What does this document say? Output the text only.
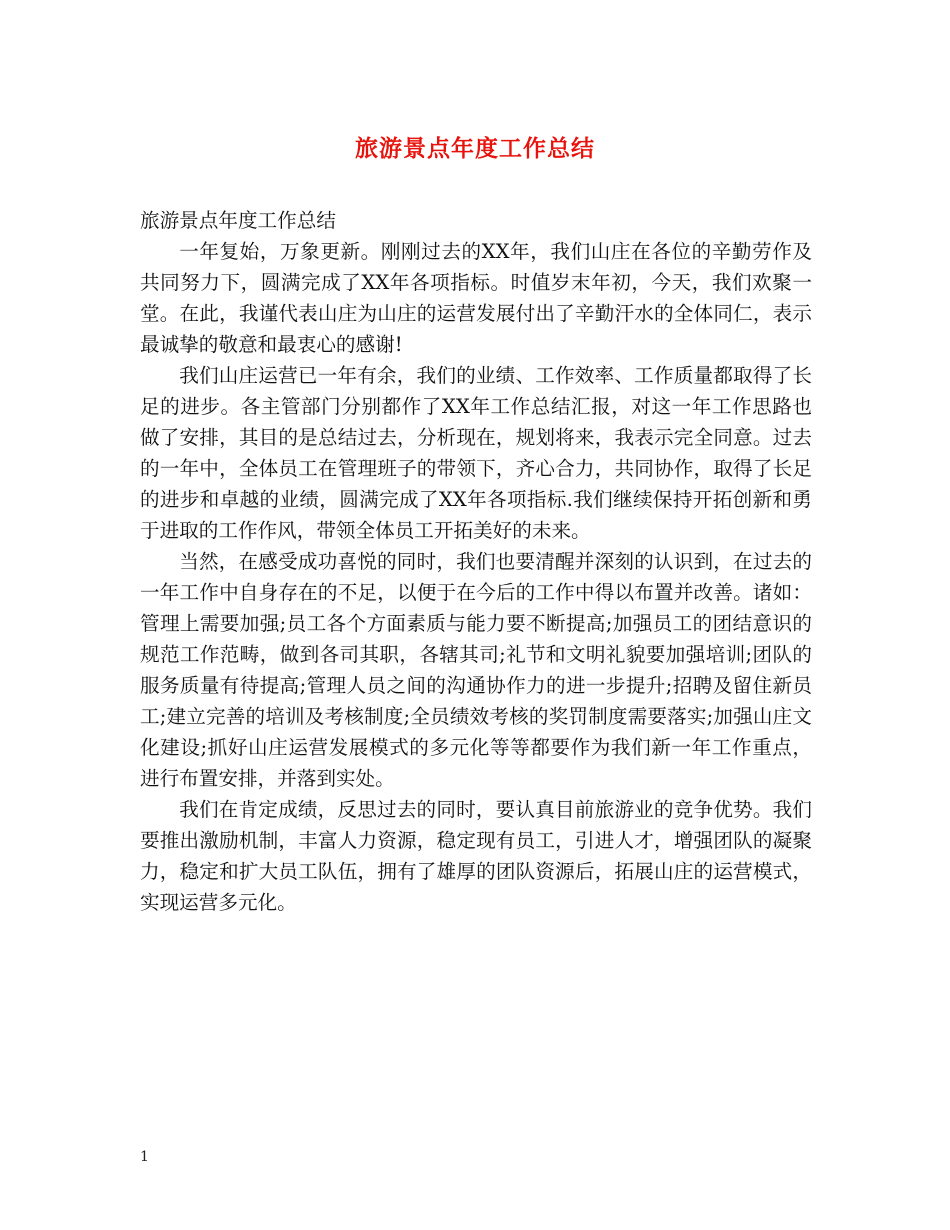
旅游景点年度工作总结

旅游景点年度工作总结

一年复始，万象更新。刚刚过去的XX年，我们山庄在各位的辛勤劳作及共同努力下，圆满完成了XX年各项指标。时值岁末年初，今天，我们欢聚一堂。在此，我谨代表山庄为山庄的运营发展付出了辛勤汗水的全体同仁，表示最诚挚的敬意和最衷心的感谢!

我们山庄运营已一年有余，我们的业绩、工作效率、工作质量都取得了长足的进步。各主管部门分别都作了XX年工作总结汇报，对这一年工作思路也做了安排，其目的是总结过去，分析现在，规划将来，我表示完全同意。过去的一年中，全体员工在管理班子的带领下，齐心合力，共同协作，取得了长足的进步和卓越的业绩，圆满完成了XX年各项指标.我们继续保持开拓创新和勇于进取的工作作风，带领全体员工开拓美好的未来。

当然，在感受成功喜悦的同时，我们也要清醒并深刻的认识到，在过去的一年工作中自身存在的不足，以便于在今后的工作中得以布置并改善。诸如：管理上需要加强;员工各个方面素质与能力要不断提高;加强员工的团结意识的规范工作范畴，做到各司其职，各辖其司;礼节和文明礼貌要加强培训;团队的服务质量有待提高;管理人员之间的沟通协作力的进一步提升;招聘及留住新员工;建立完善的培训及考核制度;全员绩效考核的奖罚制度需要落实;加强山庄文化建设;抓好山庄运营发展模式的多元化等等都要作为我们新一年工作重点，进行布置安排，并落到实处。

我们在肯定成绩，反思过去的同时，要认真目前旅游业的竞争优势。我们要推出激励机制，丰富人力资源，稳定现有员工，引进人才，增强团队的凝聚力，稳定和扩大员工队伍，拥有了雄厚的团队资源后，拓展山庄的运营模式，实现运营多元化。

1
